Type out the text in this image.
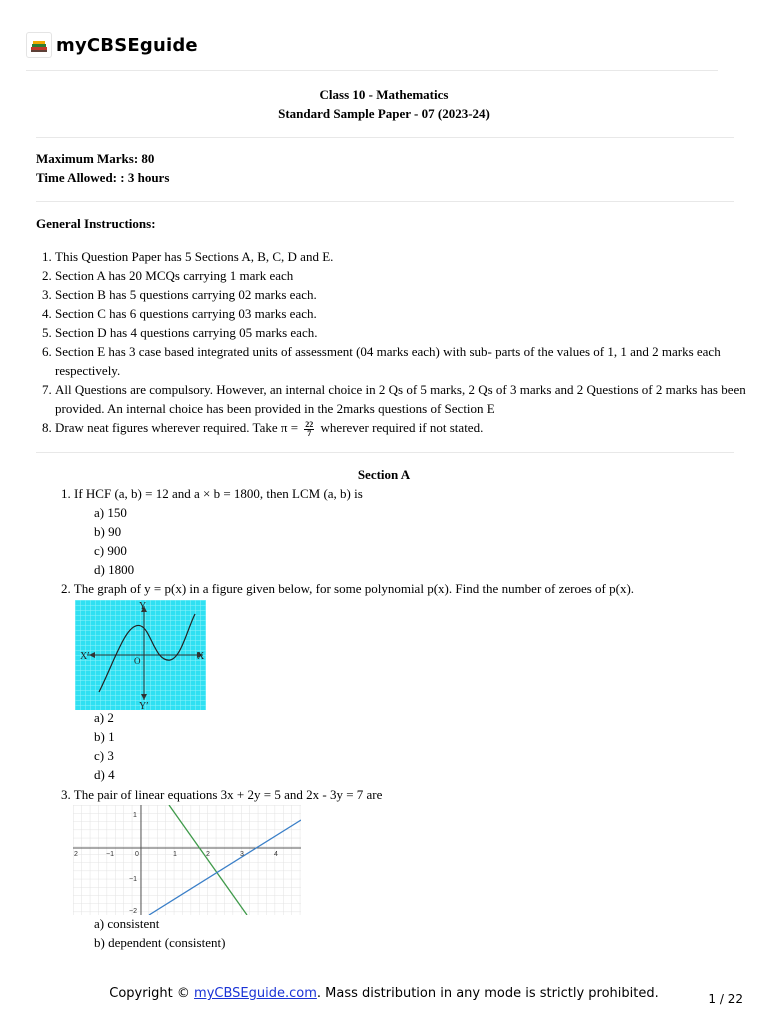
myCBSEguide
Class 10 - Mathematics
Standard Sample Paper - 07 (2023-24)
Maximum Marks: 80
Time Allowed: : 3 hours
General Instructions:
1. This Question Paper has 5 Sections A, B, C, D and E.
2. Section A has 20 MCQs carrying 1 mark each
3. Section B has 5 questions carrying 02 marks each.
4. Section C has 6 questions carrying 03 marks each.
5. Section D has 4 questions carrying 05 marks each.
6. Section E has 3 case based integrated units of assessment (04 marks each) with sub- parts of the values of 1, 1 and 2 marks each respectively.
7. All Questions are compulsory. However, an internal choice in 2 Qs of 5 marks, 2 Qs of 3 marks and 2 Questions of 2 marks has been provided. An internal choice has been provided in the 2marks questions of Section E
8. Draw neat figures wherever required. Take $\pi = \frac{22}{7}$ wherever required if not stated.
Section A
1. If HCF (a, b) = 12 and a × b = 1800, then LCM (a, b) is
a) 150
b) 90
c) 900
d) 1800
2. The graph of y = p(x) in a figure given below, for some polynomial p(x). Find the number of zeroes of p(x).
X′	X
Y
Y′
O
a) 2
b) 1
c) 3
d) 4
3. The pair of linear equations 3x + 2y = 5 and 2x - 3y = 7 are
2	−1	0	1	2	3	4
1
−1
−2
a) consistent
b) dependent (consistent)
Copyright © myCBSEguide.com. Mass distribution in any mode is strictly prohibited.	1 / 22
